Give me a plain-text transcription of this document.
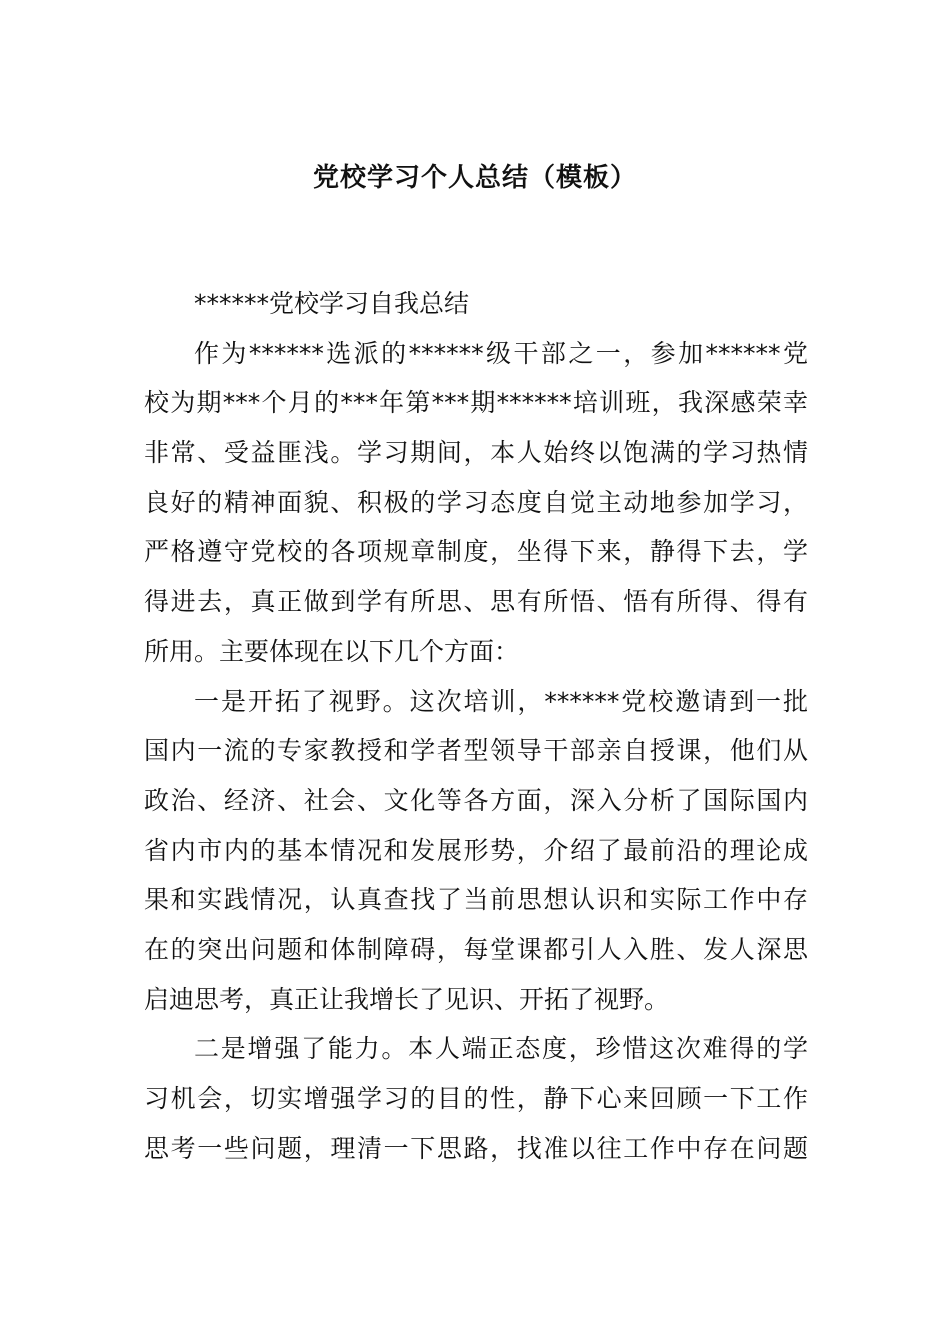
党校学习个人总结（模板）
******党校学习自我总结
作为******选派的******级干部之一，参加******党
校为期***个月的***年第***期******培训班，我深感荣幸
非常、受益匪浅。学习期间，本人始终以饱满的学习热情
良好的精神面貌、积极的学习态度自觉主动地参加学习，
严格遵守党校的各项规章制度，坐得下来，静得下去，学
得进去，真正做到学有所思、思有所悟、悟有所得、得有
所用。主要体现在以下几个方面：
一是开拓了视野。这次培训，******党校邀请到一批
国内一流的专家教授和学者型领导干部亲自授课，他们从
政治、经济、社会、文化等各方面，深入分析了国际国内
省内市内的基本情况和发展形势，介绍了最前沿的理论成
果和实践情况，认真查找了当前思想认识和实际工作中存
在的突出问题和体制障碍，每堂课都引人入胜、发人深思
启迪思考，真正让我增长了见识、开拓了视野。
二是增强了能力。本人端正态度，珍惜这次难得的学
习机会，切实增强学习的目的性，静下心来回顾一下工作
思考一些问题，理清一下思路，找准以往工作中存在问题
